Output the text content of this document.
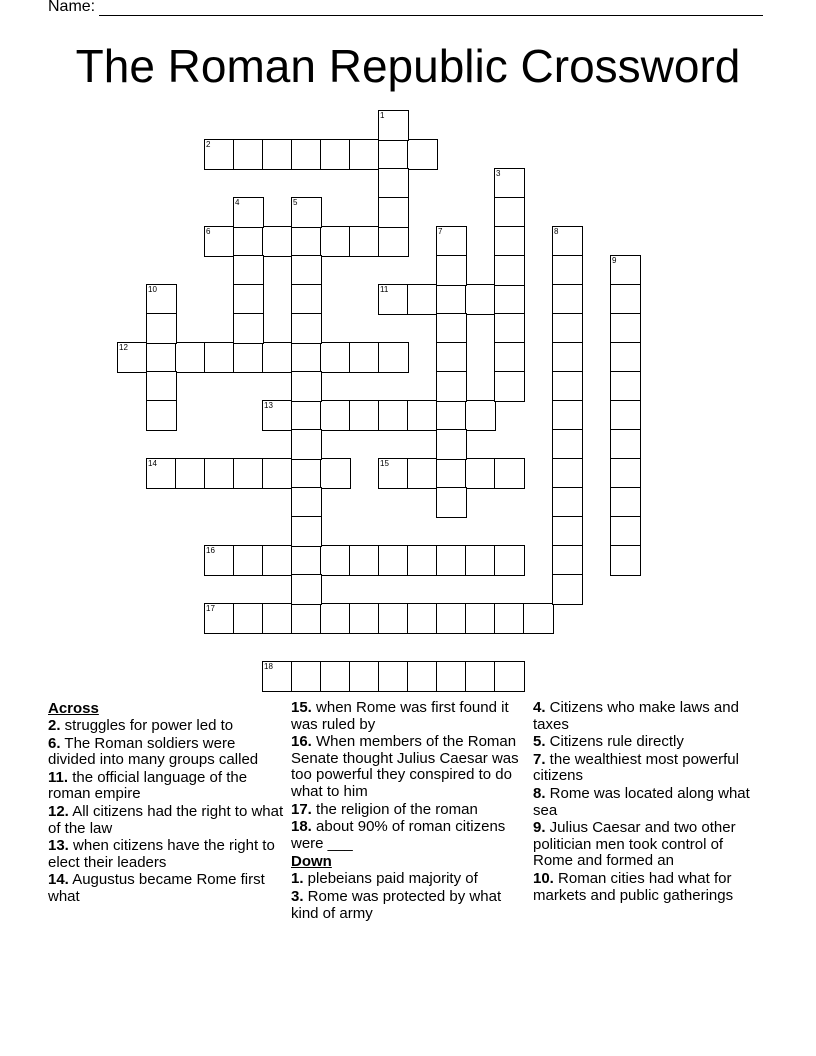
Name:
The Roman Republic Crossword
1
2
3
4	5
6	7	8
9
10	11
12
13
14	15
16
17
18
Across
2. struggles for power led to
6. The Roman soldiers were divided into many groups called
11. the official language of the roman empire
12. All citizens had the right to what of the law
13. when citizens have the right to elect their leaders
14. Augustus became Rome first what
15. when Rome was first found it was ruled by
16. When members of the Roman Senate thought Julius Caesar was too powerful they conspired to do what to him
17. the religion of the roman
18. about 90% of roman citizens were ___
Down
1. plebeians paid majority of
3. Rome was protected by what kind of army
4. Citizens who make laws and taxes
5. Citizens rule directly
7. the wealthiest most powerful citizens
8. Rome was located along what sea
9. Julius Caesar and two other politician men took control of Rome and formed an
10. Roman cities had what for markets and public gatherings
